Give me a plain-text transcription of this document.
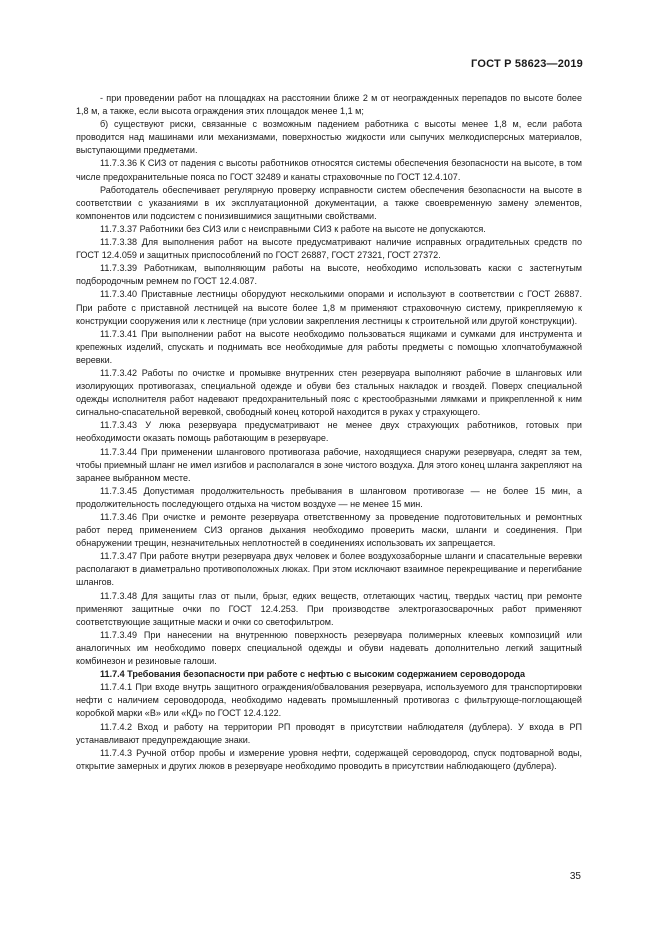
ГОСТ Р 58623—2019

- при проведении работ на площадках на расстоянии ближе 2 м от неогражденных перепадов по высоте более 1,8 м, а также, если высота ограждения этих площадок менее 1,1 м;

б) существуют риски, связанные с возможным падением работника с высоты менее 1,8 м, если работа проводится над машинами или механизмами, поверхностью жидкости или сыпучих мелкодисперсных материалов, выступающими предметами.

11.7.3.36 К СИЗ от падения с высоты работников относятся системы обеспечения безопасности на высоте, в том числе предохранительные пояса по ГОСТ 32489 и канаты страховочные по ГОСТ 12.4.107.

Работодатель обеспечивает регулярную проверку исправности систем обеспечения безопасности на высоте в соответствии с указаниями в их эксплуатационной документации, а также своевременную замену элементов, компонентов или подсистем с понизившимися защитными свойствами.

11.7.3.37 Работники без СИЗ или с неисправными СИЗ к работе на высоте не допускаются.

11.7.3.38 Для выполнения работ на высоте предусматривают наличие исправных оградительных средств по ГОСТ 12.4.059 и защитных приспособлений по ГОСТ 26887, ГОСТ 27321, ГОСТ 27372.

11.7.3.39 Работникам, выполняющим работы на высоте, необходимо использовать каски с застегнутым подбородочным ремнем по ГОСТ 12.4.087.

11.7.3.40 Приставные лестницы оборудуют несколькими опорами и используют в соответствии с ГОСТ 26887. При работе с приставной лестницей на высоте более 1,8 м применяют страховочную систему, прикрепляемую к конструкции сооружения или к лестнице (при условии закрепления лестницы к строительной или другой конструкции).

11.7.3.41 При выполнении работ на высоте необходимо пользоваться ящиками и сумками для инструмента и крепежных изделий, спускать и поднимать все необходимые для работы предметы с помощью хлопчатобумажной веревки.

11.7.3.42 Работы по очистке и промывке внутренних стен резервуара выполняют рабочие в шланговых или изолирующих противогазах, специальной одежде и обуви без стальных накладок и гвоздей. Поверх специальной одежды исполнителя работ надевают предохранительный пояс с крестообразными лямками и прикрепленной к ним сигнально-спасательной веревкой, свободный конец которой находится в руках у страхующего.

11.7.3.43 У люка резервуара предусматривают не менее двух страхующих работников, готовых при необходимости оказать помощь работающим в резервуаре.

11.7.3.44 При применении шлангового противогаза рабочие, находящиеся снаружи резервуара, следят за тем, чтобы приемный шланг не имел изгибов и располагался в зоне чистого воздуха. Для этого конец шланга закрепляют на заранее выбранном месте.

11.7.3.45 Допустимая продолжительность пребывания в шланговом противогазе — не более 15 мин, а продолжительность последующего отдыха на чистом воздухе — не менее 15 мин.

11.7.3.46 При очистке и ремонте резервуара ответственному за проведение подготовительных и ремонтных работ перед применением СИЗ органов дыхания необходимо проверить маски, шланги и соединения. При обнаружении трещин, незначительных неплотностей в соединениях использовать их запрещается.

11.7.3.47 При работе внутри резервуара двух человек и более воздухозаборные шланги и спасательные веревки располагают в диаметрально противоположных люках. При этом исключают взаимное перекрещивание и перегибание шлангов.

11.7.3.48 Для защиты глаз от пыли, брызг, едких веществ, отлетающих частиц, твердых частиц при ремонте применяют защитные очки по ГОСТ 12.4.253. При производстве электрогазосварочных работ применяют соответствующие защитные маски и очки со светофильтром.

11.7.3.49 При нанесении на внутреннюю поверхность резервуара полимерных клеевых композиций или аналогичных им необходимо поверх специальной одежды и обуви надевать дополнительно легкий защитный комбинезон и резиновые галоши.

11.7.4 Требования безопасности при работе с нефтью с высоким содержанием сероводорода

11.7.4.1 При входе внутрь защитного ограждения/обвалования резервуара, используемого для транспортировки нефти с наличием сероводорода, необходимо надевать промышленный противогаз с фильтрующе-поглощающей коробкой марки «В» или «КД» по ГОСТ 12.4.122.

11.7.4.2 Вход и работу на территории РП проводят в присутствии наблюдателя (дублера). У входа в РП устанавливают предупреждающие знаки.

11.7.4.3 Ручной отбор пробы и измерение уровня нефти, содержащей сероводород, спуск подтоварной воды, открытие замерных и других люков в резервуаре необходимо проводить в присутствии наблюдающего (дублера).

35
